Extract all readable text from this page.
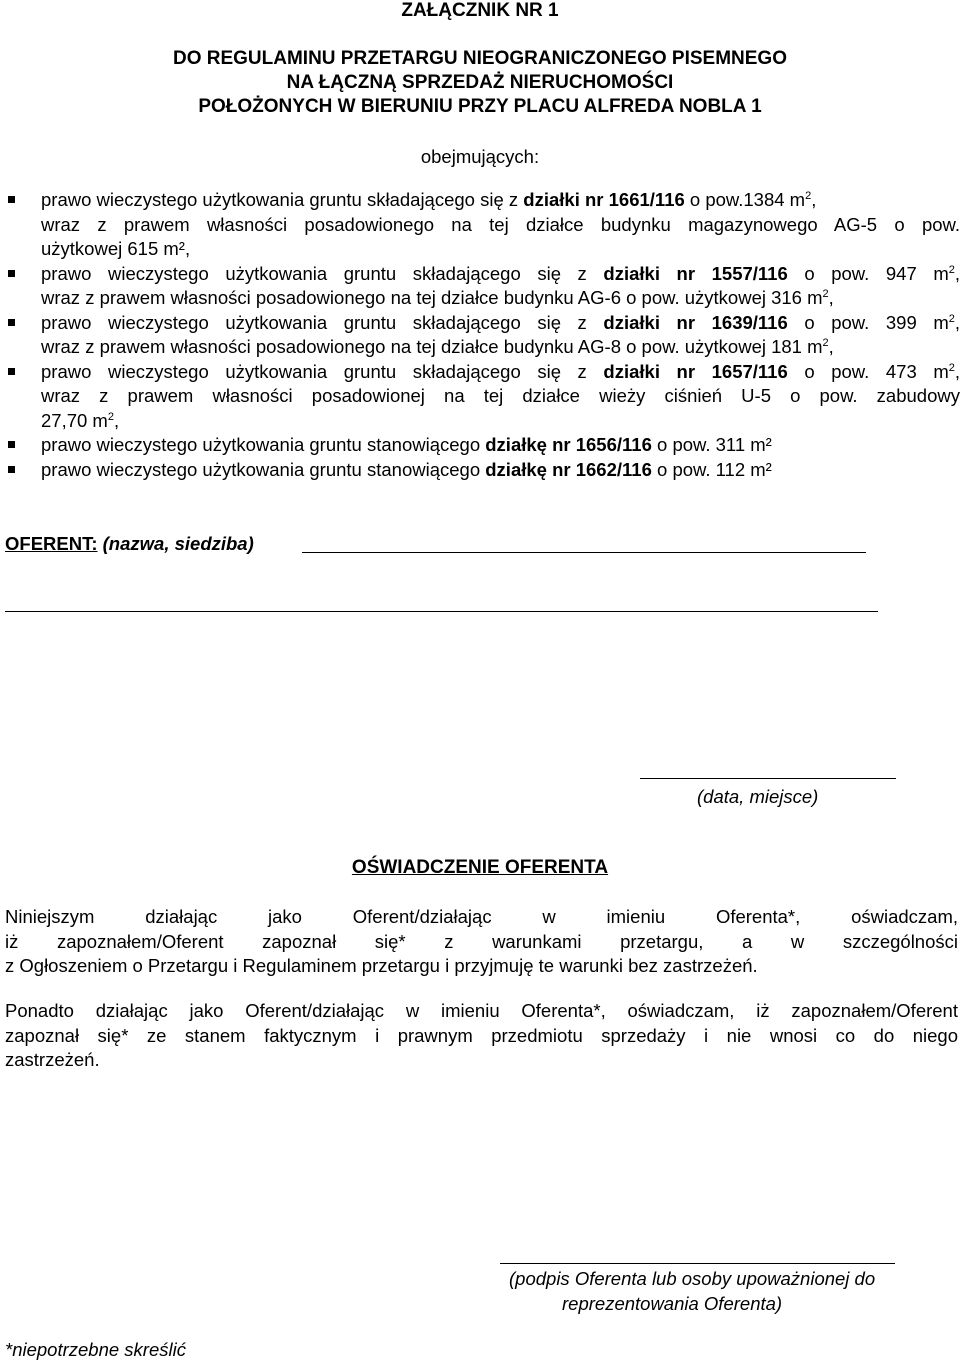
ZAŁĄCZNIK NR 1
DO REGULAMINU PRZETARGU NIEOGRANICZONEGO PISEMNEGO
NA ŁĄCZNĄ SPRZEDAŻ NIERUCHOMOŚCI
POŁOŻONYCH W BIERUNIU PRZY PLACU ALFREDA NOBLA 1
obejmujących:
prawo wieczystego użytkowania gruntu składającego się z działki nr 1661/116 o pow.1384 $m^2$,
wraz z prawem własności posadowionego na tej działce budynku magazynowego AG-5 o pow.
użytkowej 615 m²,
prawo wieczystego użytkowania gruntu składającego się z działki nr 1557/116 o pow. 947 $m^2$,
wraz z prawem własności posadowionego na tej działce budynku AG-6 o pow. użytkowej 316 $m^2$,
prawo wieczystego użytkowania gruntu składającego się z działki nr 1639/116 o pow. 399 $m^2$,
wraz z prawem własności posadowionego na tej działce budynku AG-8 o pow. użytkowej 181 $m^2$,
prawo wieczystego użytkowania gruntu składającego się z działki nr 1657/116 o pow. 473 $m^2$,
wraz z prawem własności posadowionej na tej działce wieży ciśnień U-5 o pow. zabudowy
27,70 $m^2$,
prawo wieczystego użytkowania gruntu stanowiącego działkę nr 1656/116 o pow. 311 m²
prawo wieczystego użytkowania gruntu stanowiącego działkę nr 1662/116 o pow. 112 m²
OFERENT: (nazwa, siedziba)
(data, miejsce)
OŚWIADCZENIE OFERENTA
Niniejszym działając jako Oferent/działając w imieniu Oferenta*, oświadczam,
iż zapoznałem/Oferent zapoznał się* z warunkami przetargu, a w szczególności
z Ogłoszeniem o Przetargu i Regulaminem przetargu i przyjmuję te warunki bez zastrzeżeń.
Ponadto działając jako Oferent/działając w imieniu Oferenta*, oświadczam, iż zapoznałem/Oferent
zapoznał się* ze stanem faktycznym i prawnym przedmiotu sprzedaży i nie wnosi co do niego
zastrzeżeń.
(podpis Oferenta lub osoby upoważnionej do
reprezentowania Oferenta)
*niepotrzebne skreślić
